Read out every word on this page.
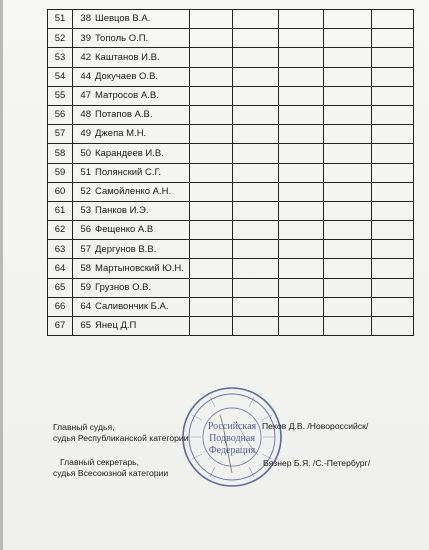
51	38	Шевцов В.А.					
52	39	Тополь О.П.					
53	42	Каштанов И.В.					
54	44	Докучаев О.В.					
55	47	Матросов А.В.					
56	48	Потапов А.В.					
57	49	Джепа М.Н.					
58	50	Карандеев И.В.					
59	51	Полянский С.Г.					
60	52	Самойленко А.Н.					
61	53	Панков И.Э.					
62	56	Фещенко А.В					
63	57	Дергунов В.В.					
64	58	Мартыновский Ю.Н.					
65	59	Грузнов О.В.					
66	64	Саливончик Б.А.					
67	65	Янец Д.П					
Главный судья,
судья Республиканской категории
Пехов Д.В. /Новороссийск/
Главный секретарь,
судья Всесоюзной категории
Вязнер Б.Я. /С.-Петербург/
Российская
Подводная
Федерация
